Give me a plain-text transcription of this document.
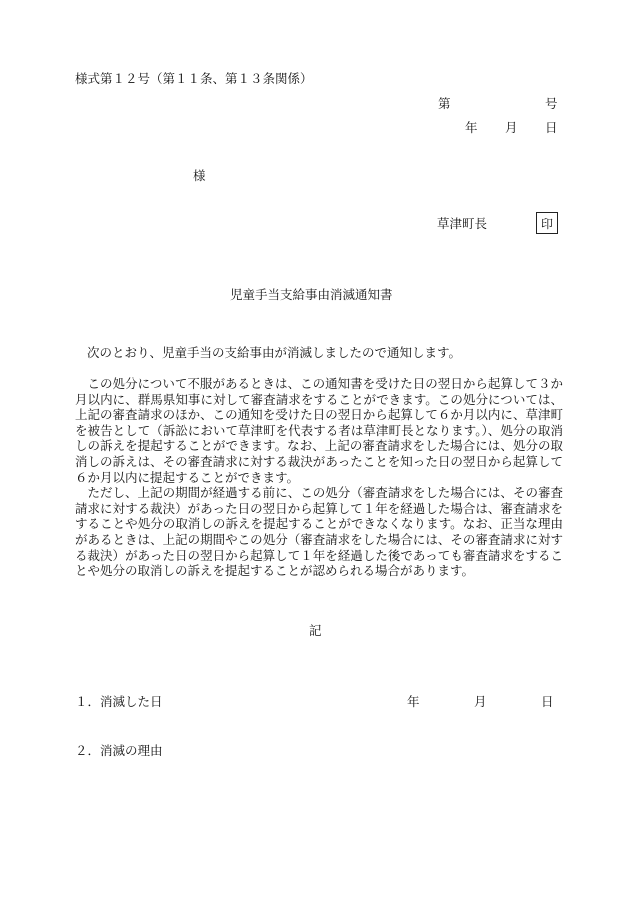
様式第１２号（第１１条、第１３条関係）
第	号
年 月 日
様
草津町長	印
児童手当支給事由消滅通知書
次のとおり、児童手当の支給事由が消滅しましたので通知します。

この処分について不服があるときは、この通知書を受けた日の翌日から起算して３か月以内に、群馬県知事に対して審査請求をすることができます。この処分については、上記の審査請求のほか、この通知を受けた日の翌日から起算して６か月以内に、草津町を被告として（訴訟において草津町を代表する者は草津町長となります。）、処分の取消しの訴えを提起することができます。なお、上記の審査請求をした場合には、処分の取消しの訴えは、その審査請求に対する裁決があったことを知った日の翌日から起算して６か月以内に提起することができます。

ただし、上記の期間が経過する前に、この処分（審査請求をした場合には、その審査請求に対する裁決）があった日の翌日から起算して１年を経過した場合は、審査請求をすることや処分の取消しの訴えを提起することができなくなります。なお、正当な理由があるときは、上記の期間やこの処分（審査請求をした場合には、その審査請求に対する裁決）があった日の翌日から起算して１年を経過した後であっても審査請求をすることや処分の取消しの訴えを提起することが認められる場合があります。

記
１．消滅した日	年	月	日
２．消滅の理由
